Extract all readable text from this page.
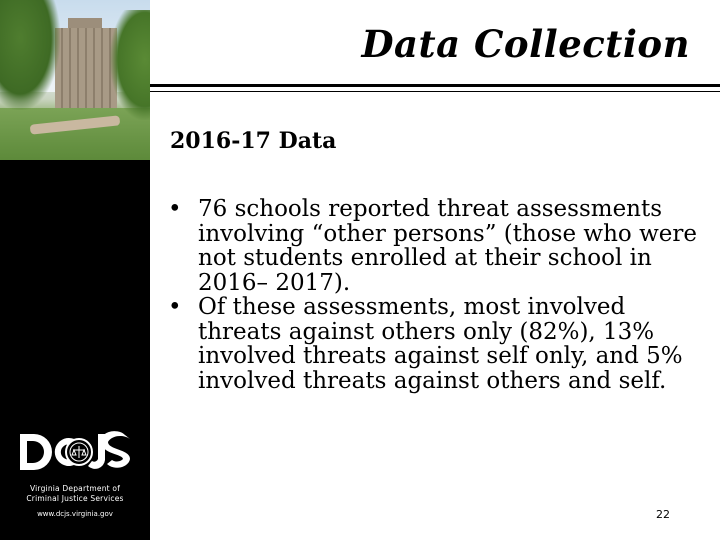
Virginia Department of
Criminal Justice Services
www.dcjs.virginia.gov
Data Collection
2016-17 Data
• 76 schools reported threat assessments involving “other persons” (those who were not students enrolled at their school in 2016– 2017).
• Of these assessments, most involved threats against others only (82%), 13% involved threats against self only, and 5% involved threats against others and self.
22
